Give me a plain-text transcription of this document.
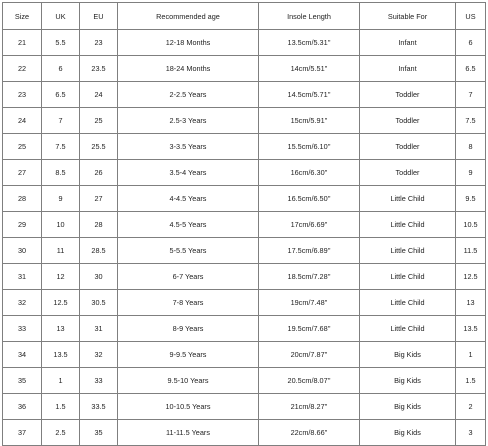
Size	UK	EU	Recommended age	Insole Length	Suitable For	US
21	5.5	23	12-18 Months	13.5cm/5.31''	Infant	6
22	6	23.5	18-24 Months	14cm/5.51''	Infant	6.5
23	6.5	24	2-2.5 Years	14.5cm/5.71''	Toddler	7
24	7	25	2.5-3 Years	15cm/5.91''	Toddler	7.5
25	7.5	25.5	3-3.5 Years	15.5cm/6.10''	Toddler	8
27	8.5	26	3.5-4 Years	16cm/6.30''	Toddler	9
28	9	27	4-4.5 Years	16.5cm/6.50''	Little Child	9.5
29	10	28	4.5-5 Years	17cm/6.69''	Little Child	10.5
30	11	28.5	5-5.5 Years	17.5cm/6.89''	Little Child	11.5
31	12	30	6-7 Years	18.5cm/7.28''	Little Child	12.5
32	12.5	30.5	7-8 Years	19cm/7.48''	Little Child	13
33	13	31	8-9 Years	19.5cm/7.68''	Little Child	13.5
34	13.5	32	9-9.5 Years	20cm/7.87''	Big Kids	1
35	1	33	9.5-10 Years	20.5cm/8.07''	Big Kids	1.5
36	1.5	33.5	10-10.5 Years	21cm/8.27''	Big Kids	2
37	2.5	35	11-11.5 Years	22cm/8.66''	Big Kids	3
